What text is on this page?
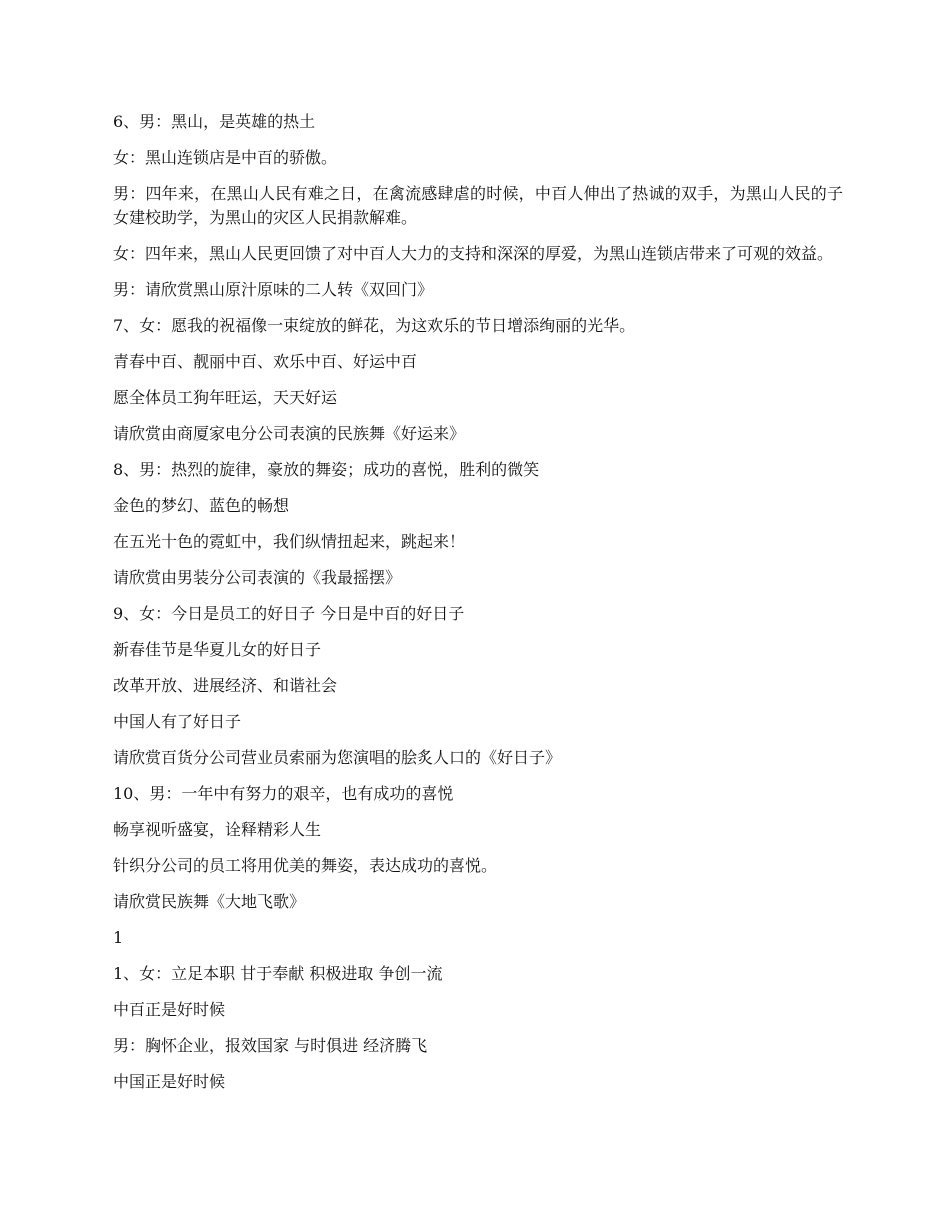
6、男：黑山，是英雄的热土

女：黑山连锁店是中百的骄傲。

男：四年来，在黑山人民有难之日，在禽流感肆虐的时候，中百人伸出了热诚的双手，为黑山人民的子女建校助学，为黑山的灾区人民捐款解难。

女：四年来，黑山人民更回馈了对中百人大力的支持和深深的厚爱，为黑山连锁店带来了可观的效益。

男：请欣赏黑山原汁原味的二人转《双回门》

7、女：愿我的祝福像一束绽放的鲜花，为这欢乐的节日增添绚丽的光华。

青春中百、靓丽中百、欢乐中百、好运中百

愿全体员工狗年旺运，天天好运

请欣赏由商厦家电分公司表演的民族舞《好运来》

8、男：热烈的旋律，豪放的舞姿；成功的喜悦，胜利的微笑

金色的梦幻、蓝色的畅想

在五光十色的霓虹中，我们纵情扭起来，跳起来！

请欣赏由男装分公司表演的《我最摇摆》

9、女：今日是员工的好日子 今日是中百的好日子

新春佳节是华夏儿女的好日子

改革开放、进展经济、和谐社会

中国人有了好日子

请欣赏百货分公司营业员索丽为您演唱的脍炙人口的《好日子》

10、男：一年中有努力的艰辛，也有成功的喜悦

畅享视听盛宴，诠释精彩人生

针织分公司的员工将用优美的舞姿，表达成功的喜悦。

请欣赏民族舞《大地飞歌》

1

1、女：立足本职 甘于奉献 积极进取 争创一流

中百正是好时候

男：胸怀企业，报效国家 与时俱进 经济腾飞

中国正是好时候
